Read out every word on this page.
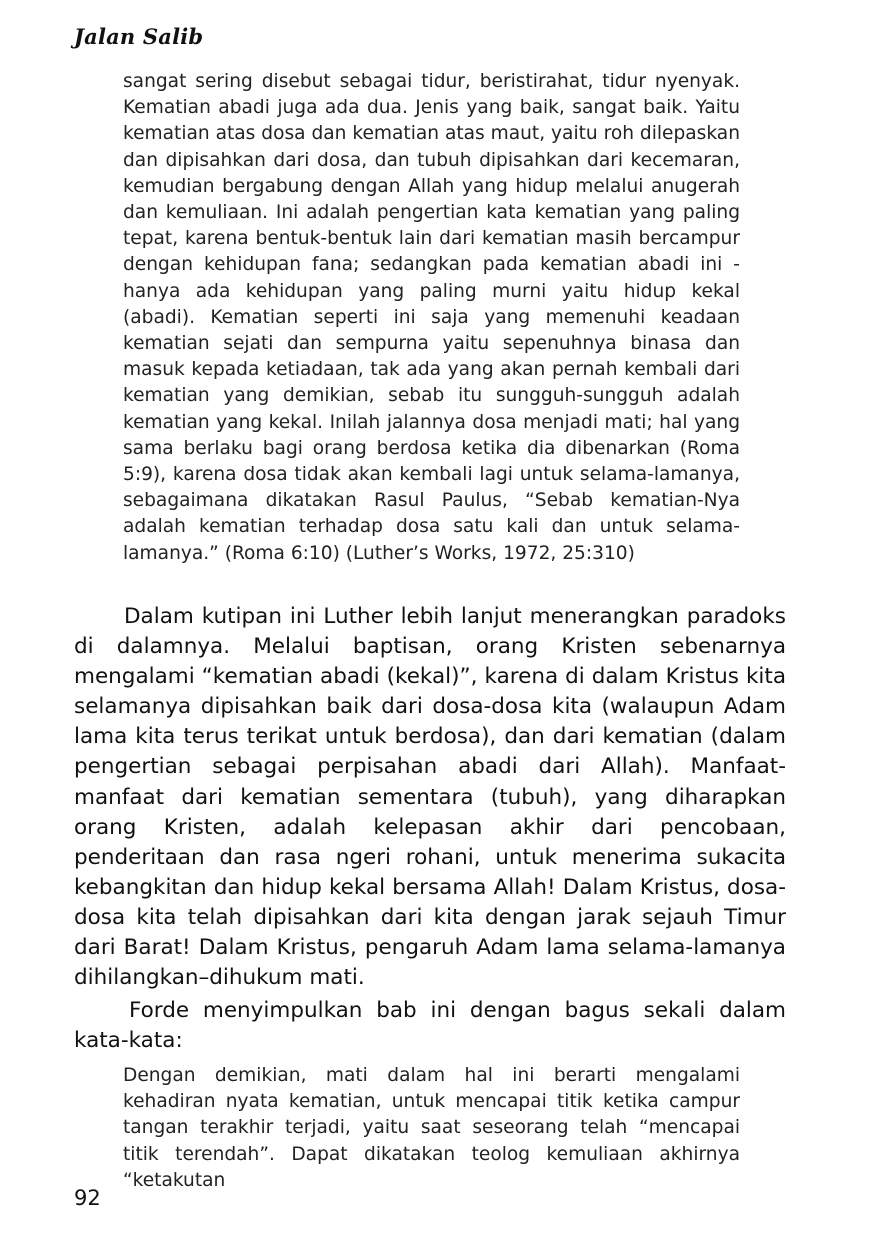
Jalan Salib
sangat sering disebut sebagai tidur, beristirahat, tidur nyenyak. Kematian abadi juga ada dua. Jenis yang baik, sangat baik. Yaitu kematian atas dosa dan kematian atas maut, yaitu roh dilepaskan dan dipisahkan dari dosa, dan tubuh dipisahkan dari kecemaran, kemudian bergabung dengan Allah yang hidup melalui anugerah dan kemuliaan. Ini adalah pengertian kata kematian yang paling tepat, karena bentuk-bentuk lain dari kematian masih bercampur dengan kehidupan fana; sedangkan pada kematian abadi ini - hanya ada kehidupan yang paling murni yaitu hidup kekal (abadi). Kematian seperti ini saja yang memenuhi keadaan kematian sejati dan sempurna yaitu sepenuhnya binasa dan masuk kepada ketiadaan, tak ada yang akan pernah kembali dari kematian yang demikian, sebab itu sungguh-sungguh adalah kematian yang kekal. Inilah jalannya dosa menjadi mati; hal yang sama berlaku bagi orang berdosa ketika dia dibenarkan (Roma 5:9), karena dosa tidak akan kembali lagi untuk selama-lamanya, sebagaimana dikatakan Rasul Paulus, “Sebab kematian-Nya adalah kematian terhadap dosa satu kali dan untuk selama-lamanya.” (Roma 6:10) (Luther’s Works, 1972, 25:310)
Dalam kutipan ini Luther lebih lanjut menerangkan paradoks di dalamnya. Melalui baptisan, orang Kristen sebenarnya mengalami “kematian abadi (kekal)”, karena di dalam Kristus kita selamanya dipisahkan baik dari dosa-dosa kita (walaupun Adam lama kita terus terikat untuk berdosa), dan dari kematian (dalam pengertian sebagai perpisahan abadi dari Allah). Manfaat-manfaat dari kematian sementara (tubuh), yang diharapkan orang Kristen, adalah kelepasan akhir dari pencobaan, penderitaan dan rasa ngeri rohani, untuk menerima sukacita kebangkitan dan hidup kekal bersama Allah! Dalam Kristus, dosa-dosa kita telah dipisahkan dari kita dengan jarak sejauh Timur dari Barat! Dalam Kristus, pengaruh Adam lama selama-lamanya dihilangkan–dihukum mati.
Forde menyimpulkan bab ini dengan bagus sekali dalam kata-kata:
Dengan demikian, mati dalam hal ini berarti mengalami kehadiran nyata kematian, untuk mencapai titik ketika campur tangan terakhir terjadi, yaitu saat seseorang telah “mencapai titik terendah”. Dapat dikatakan teolog kemuliaan akhirnya “ketakutan
92
